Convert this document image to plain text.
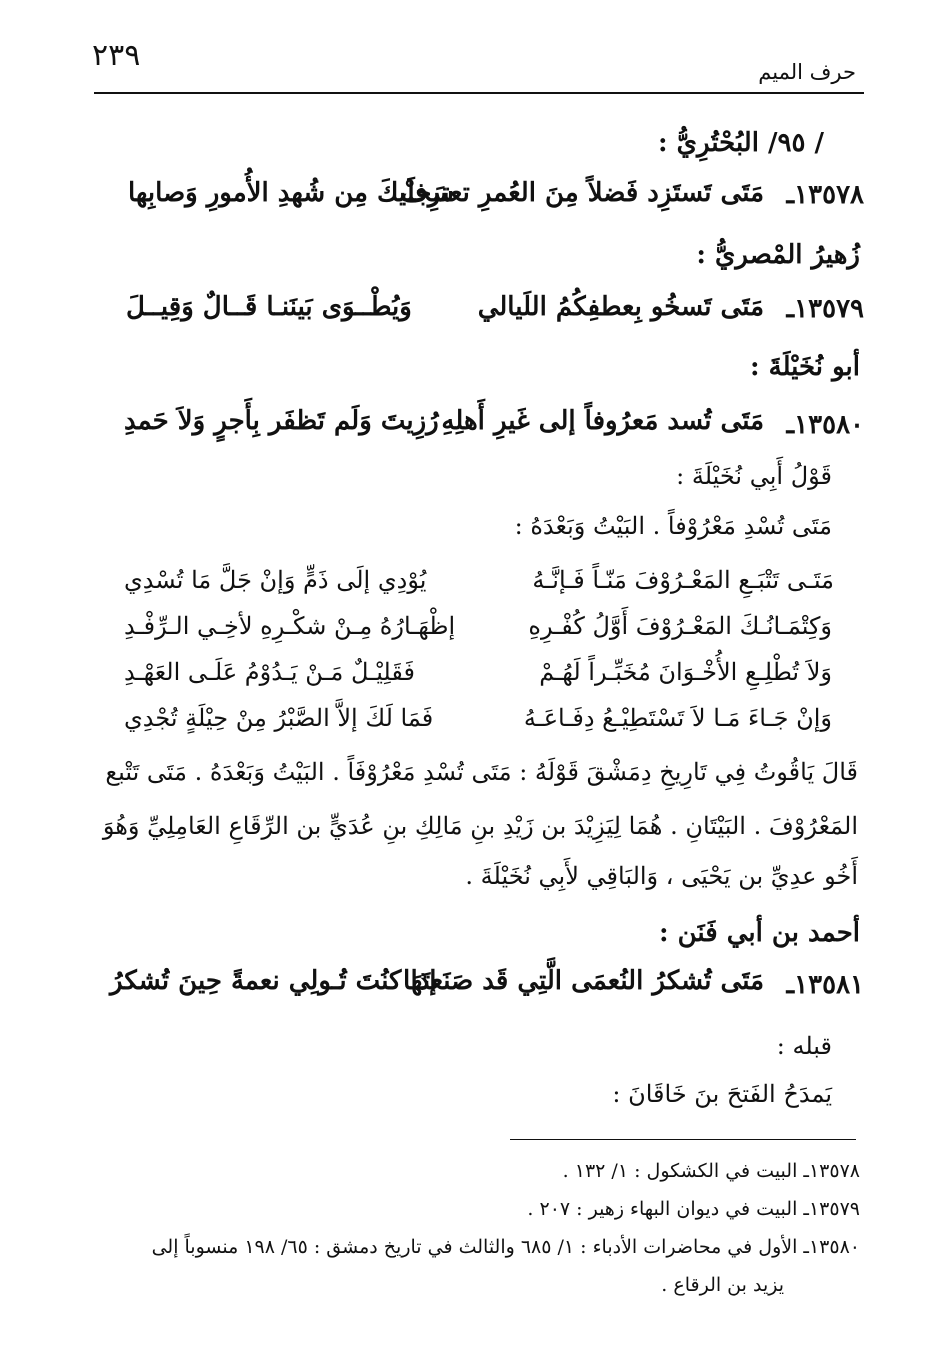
٢٣٩	حرف الميم
/ ٩٥/ البُحْتُرِيُّ :
١٣٥٧٨ـ
مَتَى تَستَزِد فَضلاً مِنَ العُمرِ تعترِفْ
سَجلَيكَ مِن شُهدِ الأُمورِ وَصابِها
زُهيرُ المْصريُّ :
١٣٥٧٩ـ
مَتَى تَسخُو بِعطفِكُمُ اللَيالي
وَيُطْــوَى بَينَنـا قَــالٌ وَقِيــلَ
أبو نُخَيْلَةَ :
١٣٥٨٠ـ
مَتَى تُسد مَعرُوفاً إلى غَيرِ أَهلِهِ
رُزِيتَ وَلَم تَظفَر بِأَجرٍ وَلاَ حَمدِ
قَوْلُ أَبِي نُخَيْلَةَ :
مَتَى تُسْدِ مَعْرُوْفاً . البَيْتُ وَبَعْدَهُ :
مَتَـى تَتْبَـعِ المَعْـرُوْفَ مَنّـاً فَـإنَّـهُ
يُوْدِي إلَى ذَمٍّ وَإنْ جَلَّ مَا تُسْدِي
وَكِتْمَـانُـكَ المَعْـرُوْفَ أَوَّلُ كُفْـرِهِ
إظْهَـارُهُ مِـنْ شكْـرِهِ لأخِـي الـرِّفْـدِ
وَلاَ تُطْلِـعِ الأُخْـوَانَ مُخَبِّـراً لَهُـمْ
فَقَلِيْـلٌ مَـنْ يَـدُوْمُ عَلَـى العَهْـدِ
وَإنْ جَـاءَ مَـا لاَ تَسْتَطِيْـعُ دِفَـاعَـهُ
فَمَا لَكَ إلاَّ الصَّبْرُ مِنْ حِيْلَةٍ تُجْدِي
قَالَ يَاقُوتُ فِي تَارِيخِ دِمَشْقَ قَوْلَهُ : مَتَى تُسْدِ مَعْرُوْفَاً . البَيْتُ وَبَعْدَهُ . مَتَى تَتْبع
المَعْرُوْفَ . البَيْتَانِ . هُمَا لِيَزِيْدَ بن زَيْدِ بنِ مَالِكِ بنِ عُدَيٍّ بن الرِّقَاعِ العَامِلِيِّ وَهُوَ
أَخُو عدِيِّ بن يَحْيَى ، وَالبَاقِي لأَبِي نُخَيْلَةَ .
أحمد بن أبي فَنَن :
١٣٥٨١ـ
مَتَى تُشكرُ النُعمَى الَّتِي قَد صَنَعتَهَا
إذا كنُتَ تُـولِي نعمةً حِينَ تُشكرُ
قبله :
يَمدَحُ الفَتحَ بنَ خَاقَانَ :
١٣٥٧٨ـ البيت في الكشكول : ١/ ١٣٢ .
١٣٥٧٩ـ البيت في ديوان البهاء زهير : ٢٠٧ .
١٣٥٨٠ـ الأول في محاضرات الأدباء : ١/ ٦٨٥ والثالث في تاريخ دمشق : ٦٥/ ١٩٨ منسوباً إلى
يزيد بن الرقاع .
